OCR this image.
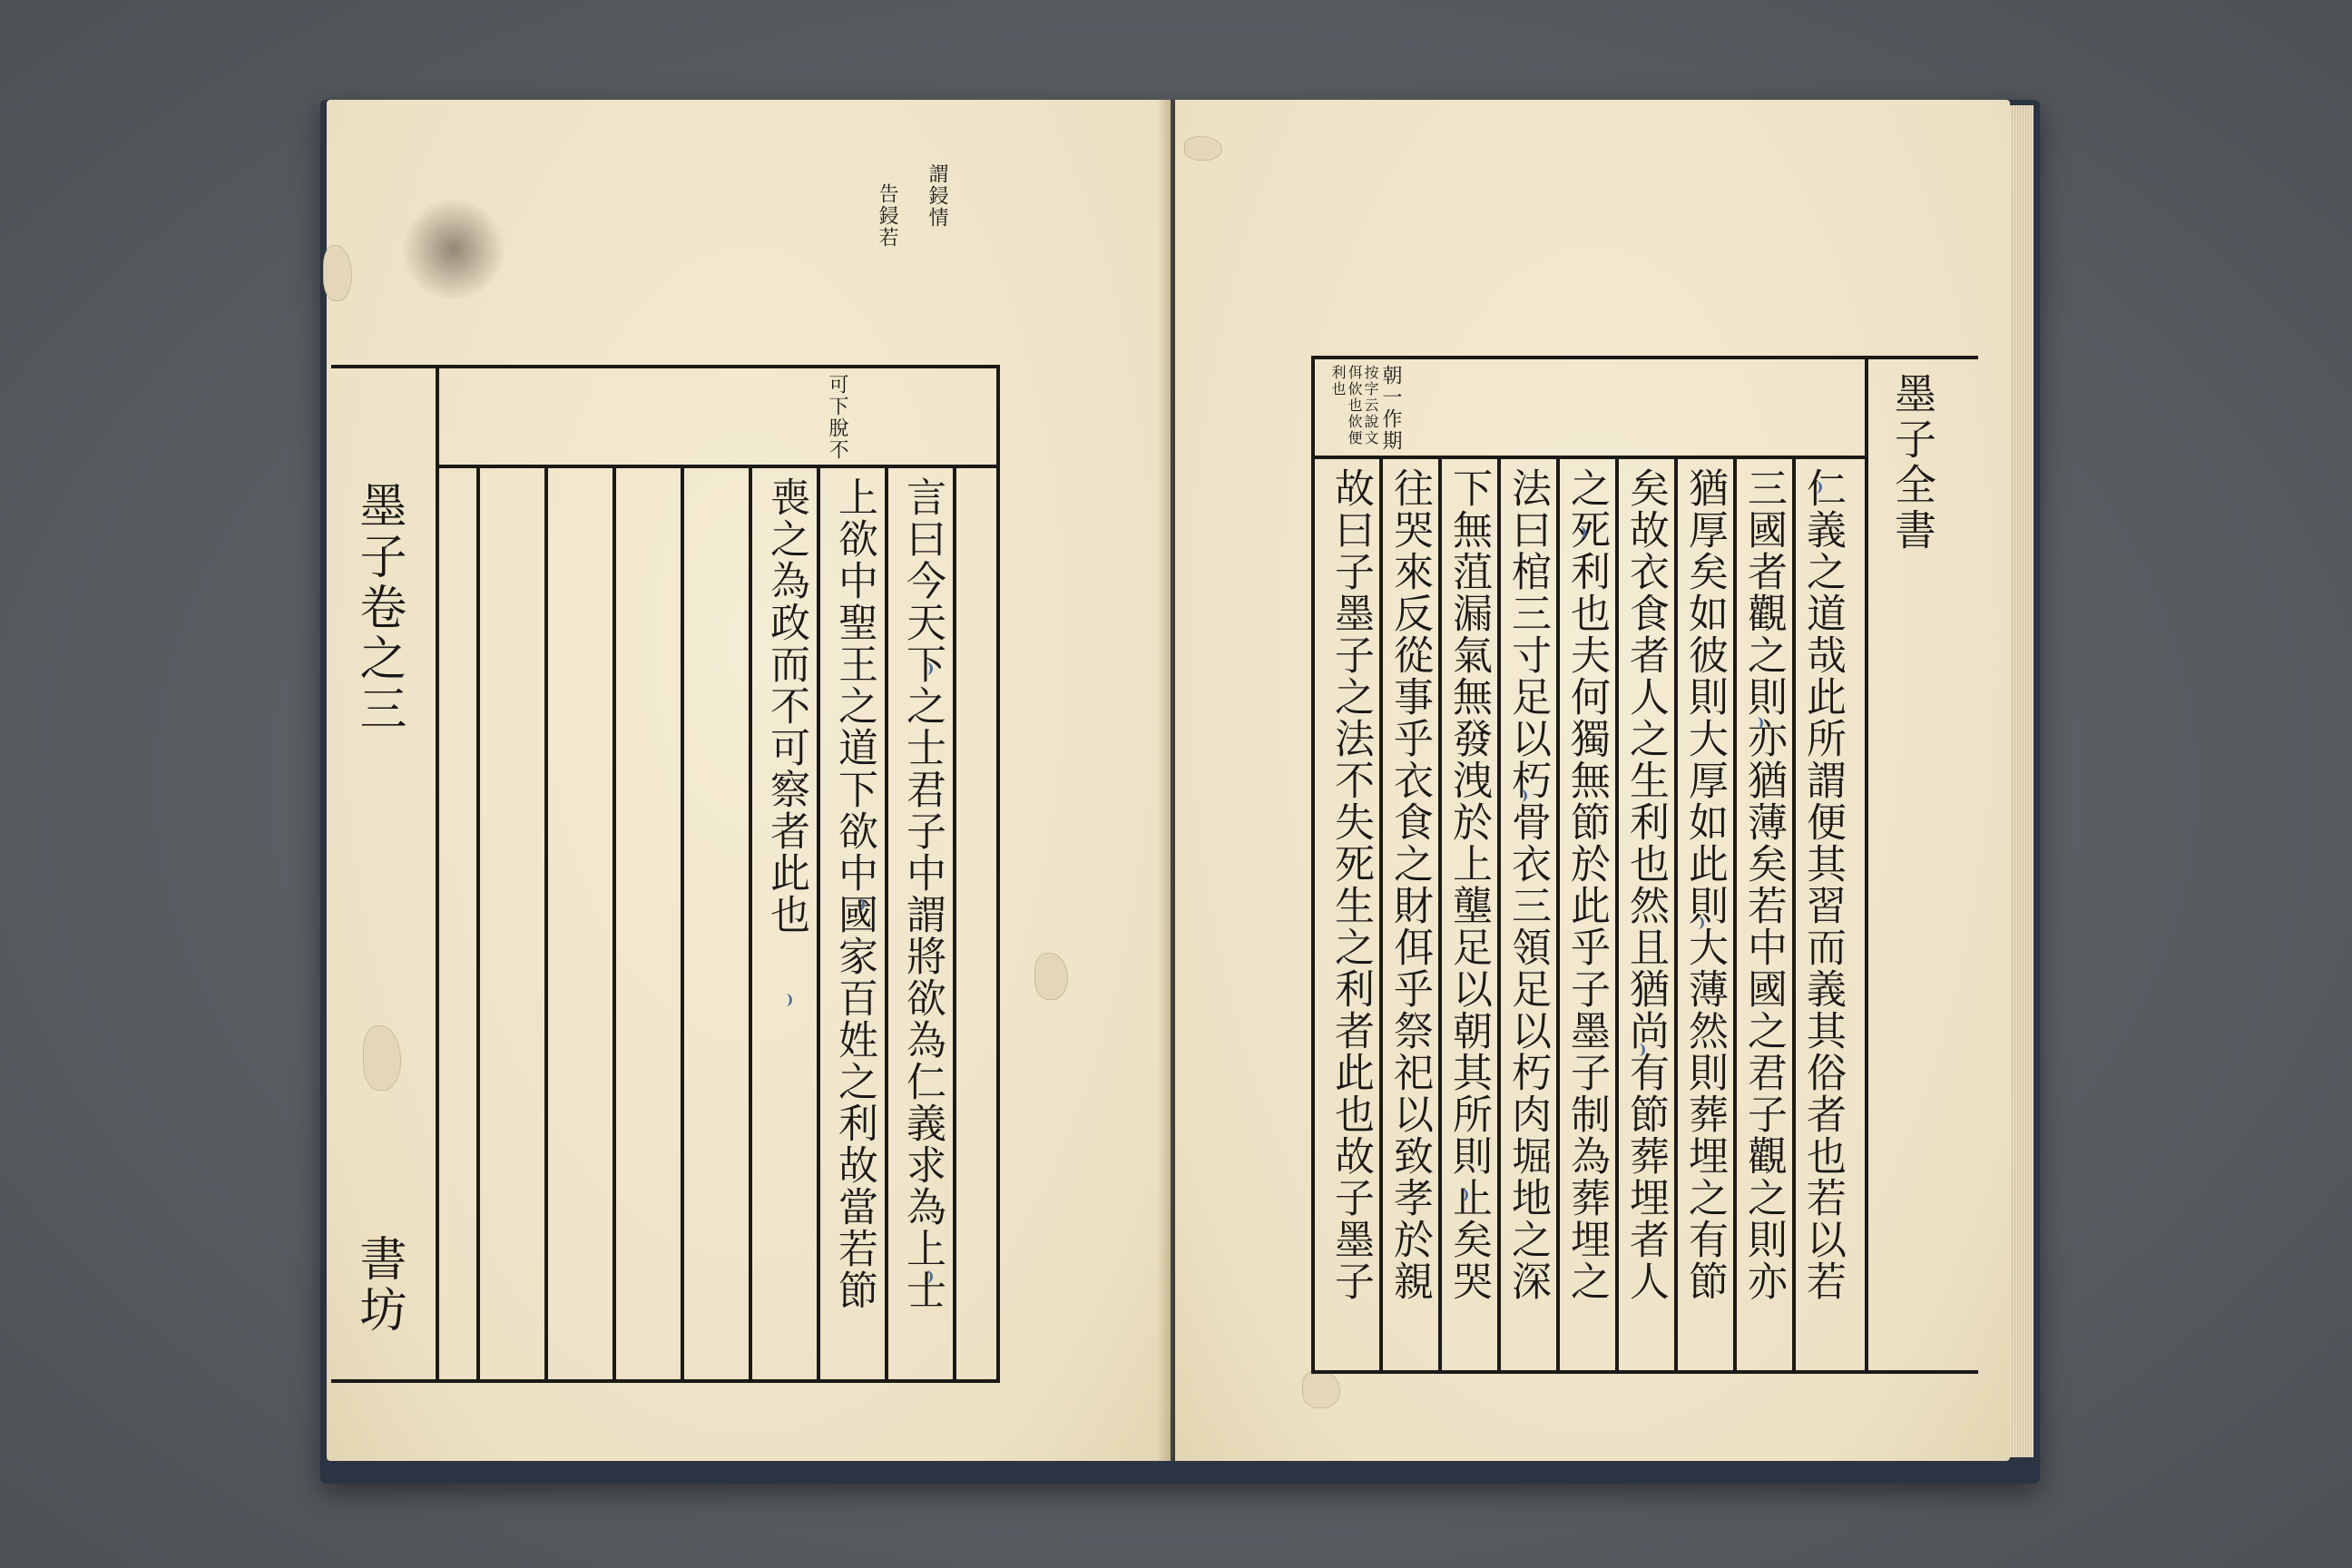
謂鋟情
告鋟若
可下脫不
言曰今天下之士君子中謂將欲為仁義求為上士
上欲中聖王之道下欲中國家百姓之利故當若節
喪之為政而不可察者此也
墨子卷之三
書坊
朝一作期
按字云說文佴佽也佽便利也
仁義之道哉此所謂便其習而義其俗者也若以若
三國者觀之則亦猶薄矣若中國之君子觀之則亦
猶厚矣如彼則大厚如此則大薄然則葬埋之有節
矣故衣食者人之生利也然且猶尚有節葬埋者人
之死利也夫何獨無節於此乎子墨子制為葬埋之
法曰棺三寸足以朽骨衣三領足以朽肉堀地之深
下無菹漏氣無發洩於上壟足以朝其所則止矣哭
往哭來反從事乎衣食之財佴乎祭祀以致孝於親
故曰子墨子之法不失死生之利者此也故子墨子
墨子全書
